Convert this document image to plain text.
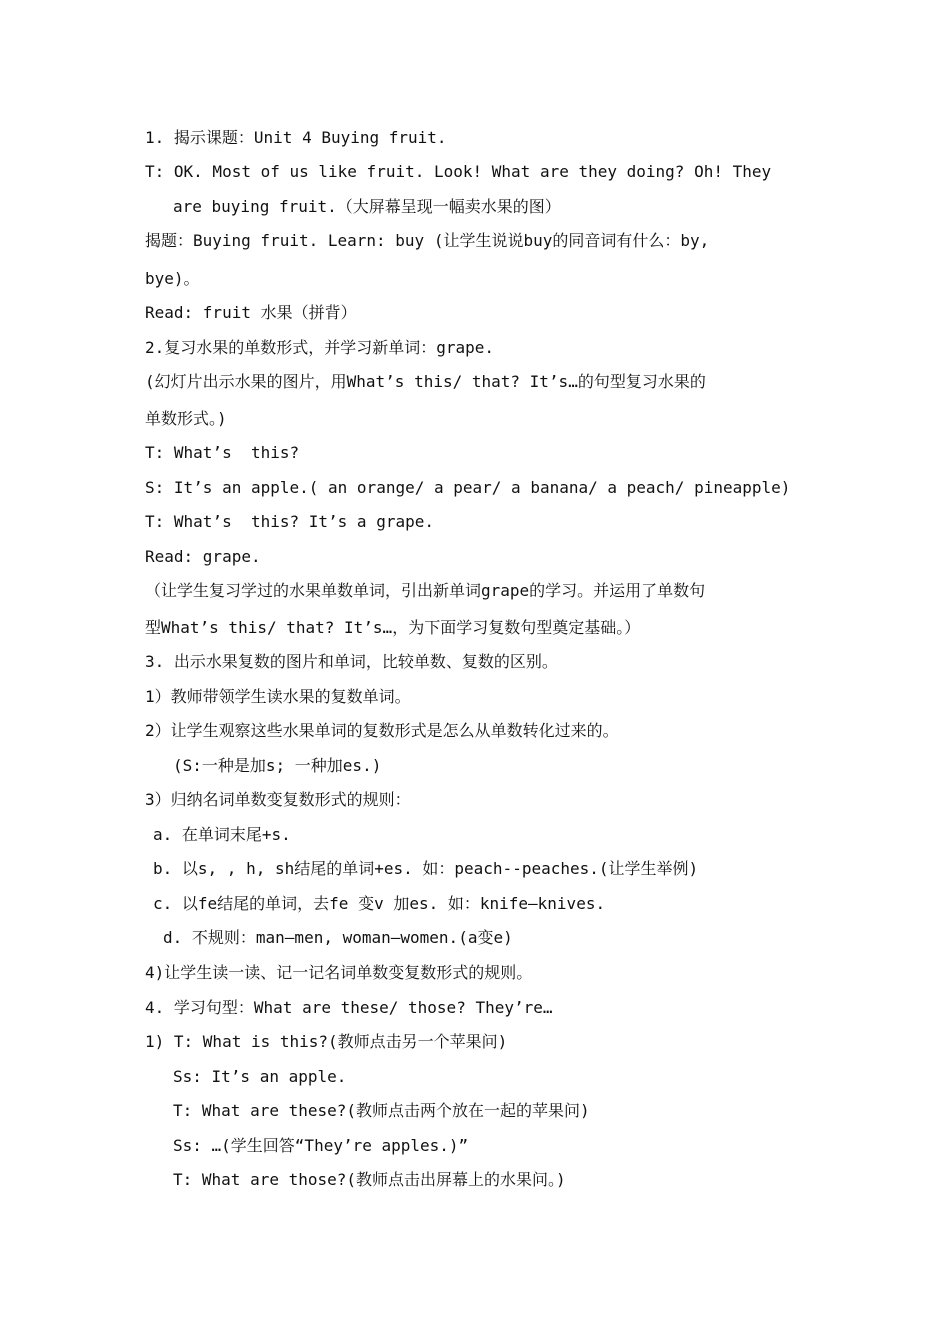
1. 揭示课题：Unit 4 Buying fruit.
T: OK. Most of us like fruit. Look! What are they doing? Oh! They
are buying fruit.（大屏幕呈现一幅卖水果的图）
揭题：Buying fruit. Learn: buy (让学生说说buy的同音词有什么：by,
bye)。
Read: fruit 水果（拼背）
2.复习水果的单数形式，并学习新单词：grape.
(幻灯片出示水果的图片，用What’s this/ that? It’s…的句型复习水果的
单数形式。)
T: What’s  this?
S: It’s an apple.( an orange/ a pear/ a banana/ a peach/ pineapple)
T: What’s  this? It’s a grape.
Read: grape.
（让学生复习学过的水果单数单词，引出新单词grape的学习。并运用了单数句
型What’s this/ that? It’s…，为下面学习复数句型奠定基础。）
3. 出示水果复数的图片和单词，比较单数、复数的区别。
1）教师带领学生读水果的复数单词。
2）让学生观察这些水果单词的复数形式是怎么从单数转化过来的。
(S:一种是加s; 一种加es.)
3）归纳名词单数变复数形式的规则：
a. 在单词末尾+s.
b. 以s, , h, sh结尾的单词+es. 如：peach--peaches.(让学生举例)
c. 以fe结尾的单词，去fe 变v 加es. 如：knife—knives.
d. 不规则：man—men, woman—women.(a变e)
4)让学生读一读、记一记名词单数变复数形式的规则。
4. 学习句型：What are these/ those? They’re…
1) T: What is this?(教师点击另一个苹果问)
Ss: It’s an apple.
T: What are these?(教师点击两个放在一起的苹果问)
Ss: …(学生回答“They’re apples.)”
T: What are those?(教师点击出屏幕上的水果问。)
